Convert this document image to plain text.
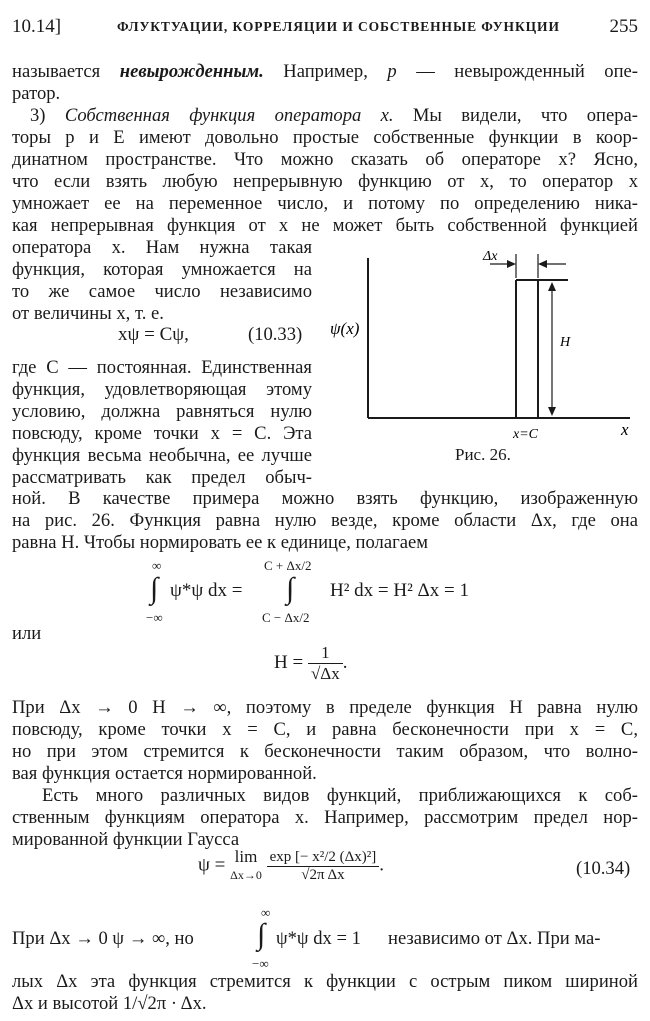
10.14]	ФЛУКТУАЦИИ, КОРРЕЛЯЦИИ И СОБСТВЕННЫЕ ФУНКЦИИ	255
называется невырожденным. Например, p — невырожденный опе-
ратор.
3) Собственная функция оператора x. Мы видели, что опера-
торы p и E имеют довольно простые собственные функции в коор-
динатном пространстве. Что можно сказать об операторе x? Ясно,
что если взять любую непрерывную функцию от x, то оператор x
умножает ее на переменное число, и потому по определению ника-
кая непрерывная функция от x не может быть собственной функцией
оператора x. Нам нужна такая
функция, которая умножается на
то же самое число независимо
от величины x, т. е.
xψ = Cψ,	(10.33)
где C — постоянная. Единственная
функция, удовлетворяющая этому
условию, должна равняться нулю
повсюду, кроме точки x = C. Эта
функция весьма необычна, ее лучше
рассматривать как предел обыч-
ψ(x)
x
Δx
H
x=C
Рис. 26.
ной. В качестве примера можно взять функцию, изображенную
на рис. 26. Функция равна нулю везде, кроме области Δx, где она
равна H. Чтобы нормировать ее к единице, полагаем
∞
∫
−∞
ψ*ψ dx =
C + Δx/2
∫
C − Δx/2
H² dx = H² Δx = 1
или
$H = \frac{1}{√\Delta x}$ .
При Δx → 0 H → ∞, поэтому в пределе функция H равна нулю
повсюду, кроме точки x = C, и равна бесконечности при x = C,
но при этом стремится к бесконечности таким образом, что волно-
вая функция остается нормированной.
Есть много различных видов функций, приближающихся к соб-
ственным функциям оператора x. Например, рассмотрим предел нор-
мированной функции Гаусса
ψ = lim
Δx→0
$\frac{\text{exp [− x²/2 (Δx)²]}}{\text{√2π Δx}}$ .	(10.34)
При Δx → 0 ψ → ∞, но
∞
∫
−∞
ψ*ψ dx = 1 независимо от Δx. При ма-
лых Δx эта функция стремится к функции с острым пиком шириной
Δx и высотой 1/√2π · Δx.
